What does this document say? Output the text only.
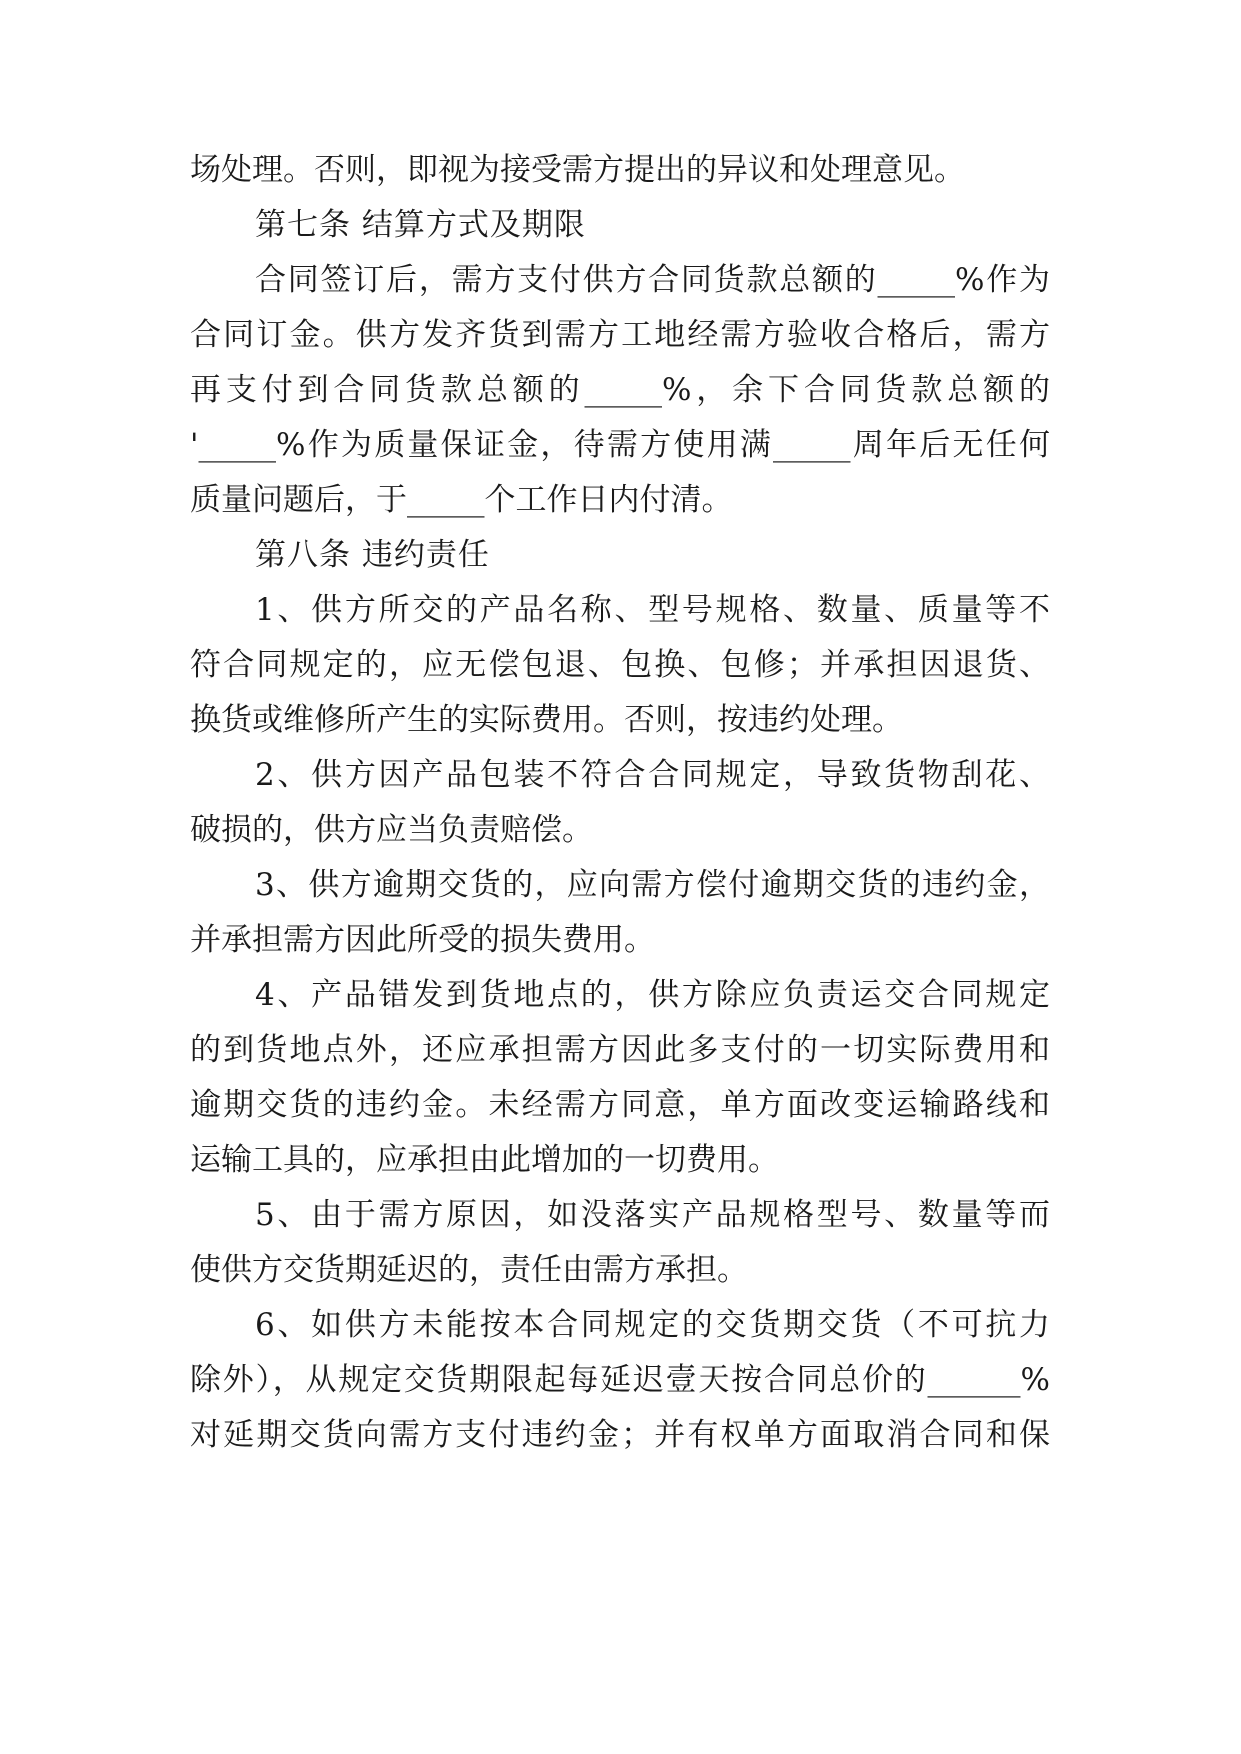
场处理。否则，即视为接受需方提出的异议和处理意见。
第七条 结算方式及期限
合同签订后，需方支付供方合同货款总额的_____%作为
合同订金。供方发齐货到需方工地经需方验收合格后，需方
再支付到合同货款总额的_____%，余下合同货款总额的
'_____%作为质量保证金，待需方使用满_____周年后无任何
质量问题后，于_____个工作日内付清。
第八条 违约责任
1、供方所交的产品名称、型号规格、数量、质量等不
符合同规定的，应无偿包退、包换、包修；并承担因退货、
换货或维修所产生的实际费用。否则，按违约处理。
2、供方因产品包装不符合合同规定，导致货物刮花、
破损的，供方应当负责赔偿。
3、供方逾期交货的，应向需方偿付逾期交货的违约金，
并承担需方因此所受的损失费用。
4、产品错发到货地点的，供方除应负责运交合同规定
的到货地点外，还应承担需方因此多支付的一切实际费用和
逾期交货的违约金。未经需方同意，单方面改变运输路线和
运输工具的，应承担由此增加的一切费用。
5、由于需方原因，如没落实产品规格型号、数量等而
使供方交货期延迟的，责任由需方承担。
6、如供方未能按本合同规定的交货期交货（不可抗力
除外），从规定交货期限起每延迟壹天按合同总价的______%
对延期交货向需方支付违约金；并有权单方面取消合同和保
